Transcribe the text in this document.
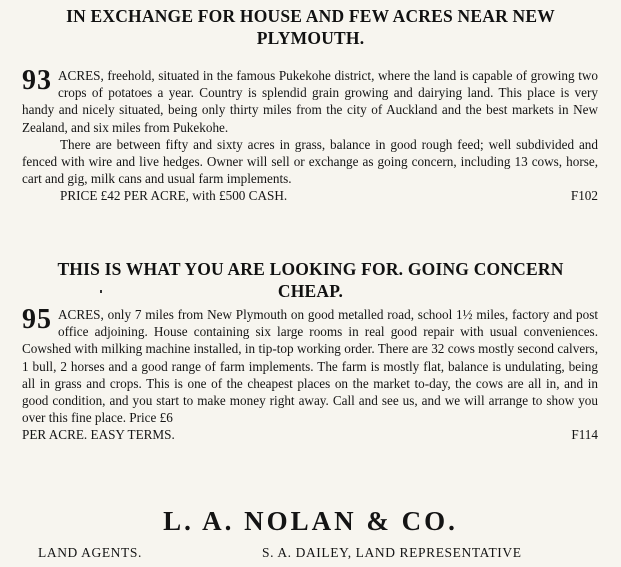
IN EXCHANGE FOR HOUSE AND FEW ACRES NEAR NEW
PLYMOUTH.
93 ACRES, freehold, situated in the famous Pukekohe district, where the land is capable of growing two crops of potatoes a year. Country is splendid grain growing and dairying land. This place is very handy and nicely situated, being only thirty miles from the city of Auckland and the best markets in New Zealand, and six miles from Pukekohe.
There are between fifty and sixty acres in grass, balance in good rough feed; well subdivided and fenced with wire and live hedges. Owner will sell or exchange as going concern, including 13 cows, horse, cart and gig, milk cans and usual farm implements.
PRICE £42 PER ACRE, with £500 CASH.	F102
THIS IS WHAT YOU ARE LOOKING FOR. GOING CONCERN
CHEAP.
95 ACRES, only 7 miles from New Plymouth on good metalled road, school 1½ miles, factory and post office adjoining. House containing six large rooms in real good repair with usual conveniences. Cowshed with milking machine installed, in tip-top working order. There are 32 cows mostly second calvers, 1 bull, 2 horses and a good range of farm implements. The farm is mostly flat, balance is undulating, being all in grass and crops. This is one of the cheapest places on the market to-day, the cows are all in, and in good condition, and you start to make money right away. Call and see us, and we will arrange to show you over this fine place. Price £6
PER ACRE. EASY TERMS.	F114
L. A. NOLAN & CO.
LAND AGENTS.	S. A. DAILEY, LAND REPRESENTATIVE
